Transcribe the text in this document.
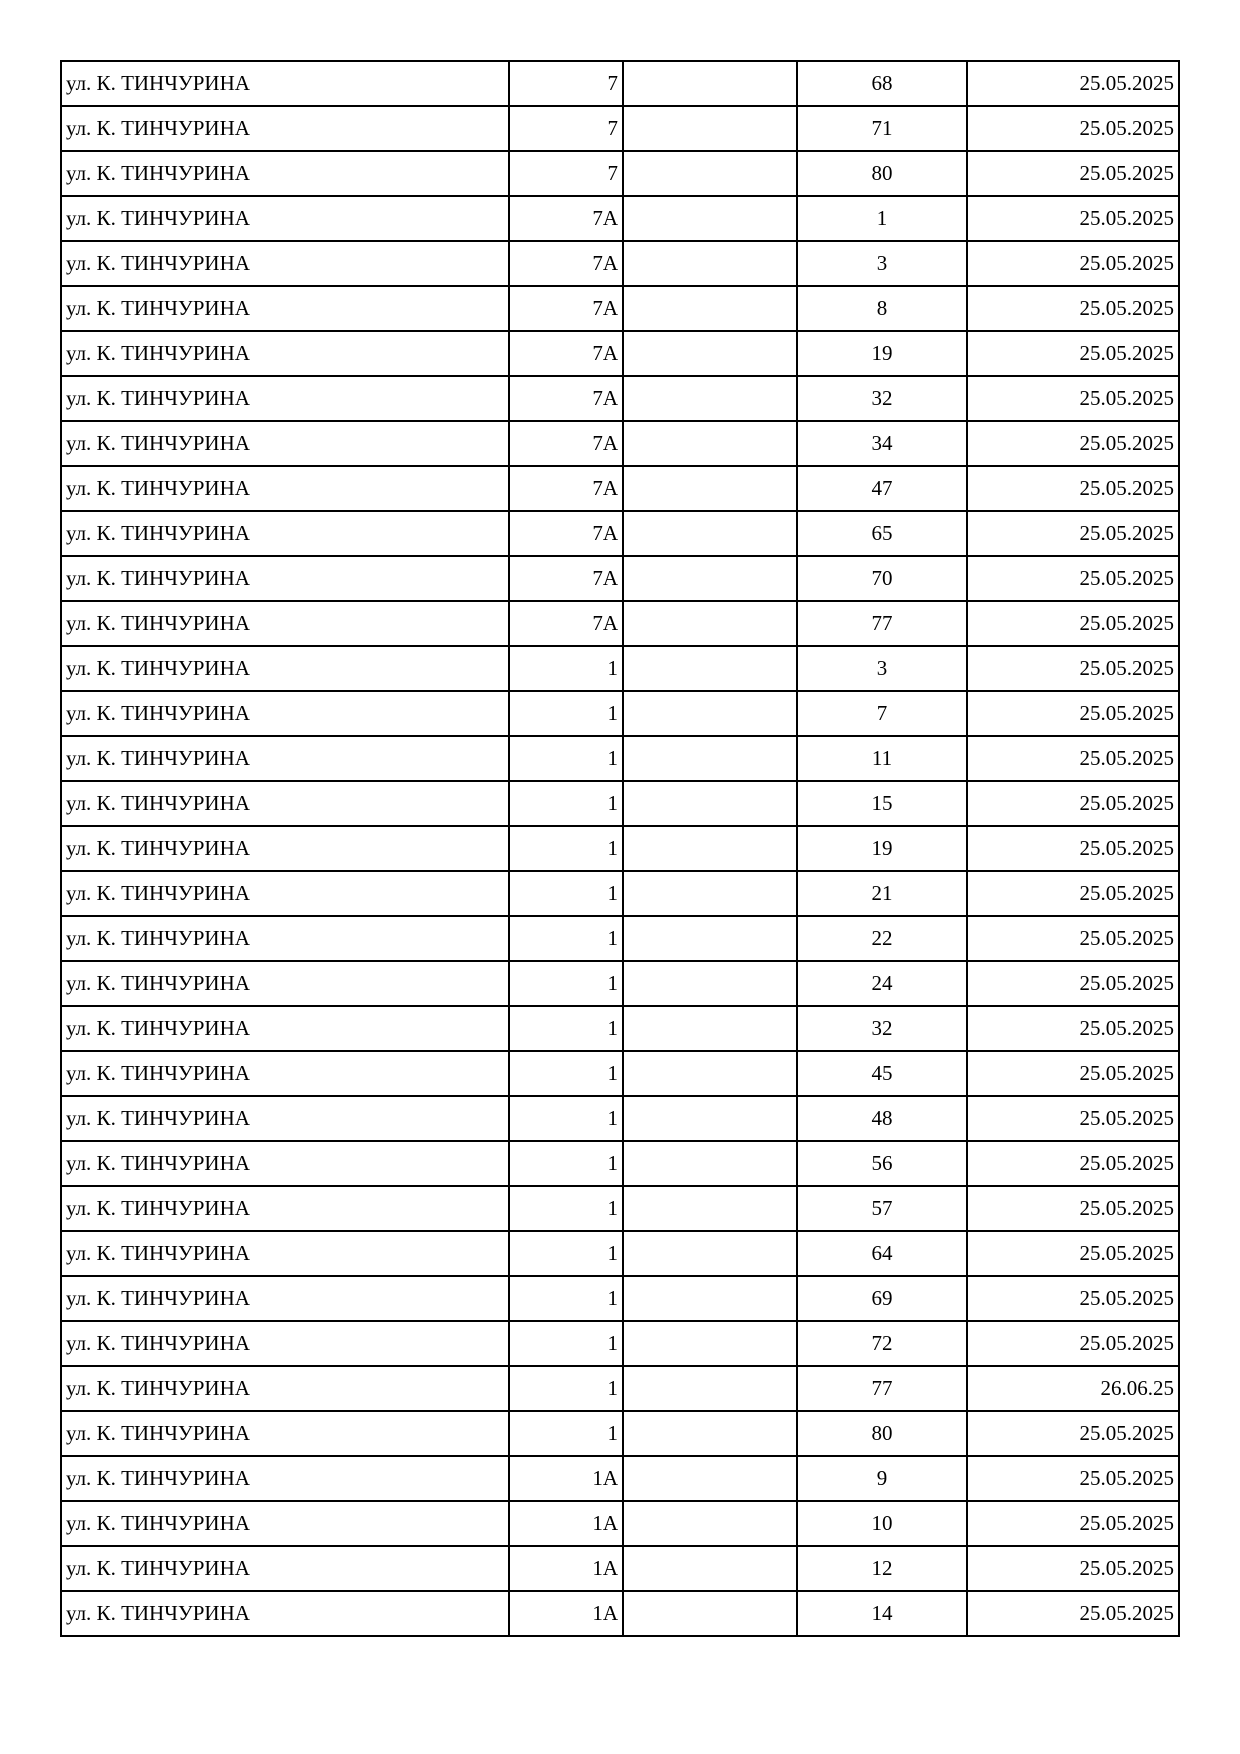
ул. К. ТИНЧУРИНА	7		68	25.05.2025
ул. К. ТИНЧУРИНА	7		71	25.05.2025
ул. К. ТИНЧУРИНА	7		80	25.05.2025
ул. К. ТИНЧУРИНА	7А		1	25.05.2025
ул. К. ТИНЧУРИНА	7А		3	25.05.2025
ул. К. ТИНЧУРИНА	7А		8	25.05.2025
ул. К. ТИНЧУРИНА	7А		19	25.05.2025
ул. К. ТИНЧУРИНА	7А		32	25.05.2025
ул. К. ТИНЧУРИНА	7А		34	25.05.2025
ул. К. ТИНЧУРИНА	7А		47	25.05.2025
ул. К. ТИНЧУРИНА	7А		65	25.05.2025
ул. К. ТИНЧУРИНА	7А		70	25.05.2025
ул. К. ТИНЧУРИНА	7А		77	25.05.2025
ул. К. ТИНЧУРИНА	1		3	25.05.2025
ул. К. ТИНЧУРИНА	1		7	25.05.2025
ул. К. ТИНЧУРИНА	1		11	25.05.2025
ул. К. ТИНЧУРИНА	1		15	25.05.2025
ул. К. ТИНЧУРИНА	1		19	25.05.2025
ул. К. ТИНЧУРИНА	1		21	25.05.2025
ул. К. ТИНЧУРИНА	1		22	25.05.2025
ул. К. ТИНЧУРИНА	1		24	25.05.2025
ул. К. ТИНЧУРИНА	1		32	25.05.2025
ул. К. ТИНЧУРИНА	1		45	25.05.2025
ул. К. ТИНЧУРИНА	1		48	25.05.2025
ул. К. ТИНЧУРИНА	1		56	25.05.2025
ул. К. ТИНЧУРИНА	1		57	25.05.2025
ул. К. ТИНЧУРИНА	1		64	25.05.2025
ул. К. ТИНЧУРИНА	1		69	25.05.2025
ул. К. ТИНЧУРИНА	1		72	25.05.2025
ул. К. ТИНЧУРИНА	1		77	26.06.25
ул. К. ТИНЧУРИНА	1		80	25.05.2025
ул. К. ТИНЧУРИНА	1А		9	25.05.2025
ул. К. ТИНЧУРИНА	1А		10	25.05.2025
ул. К. ТИНЧУРИНА	1А		12	25.05.2025
ул. К. ТИНЧУРИНА	1А		14	25.05.2025
